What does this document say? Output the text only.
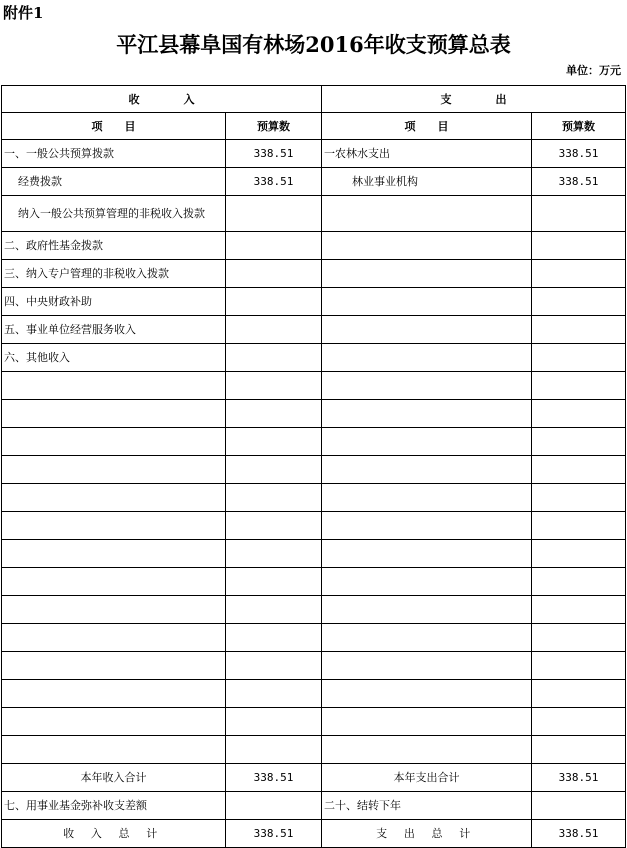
附件1
平江县幕阜国有林场2016年收支预算总表
单位：万元
收　　　　入		支　　　　出	
项　　目	预算数	项　　目	预算数
一、一般公共预算拨款	338.51	一农林水支出	338.51
经费拨款	338.51	林业事业机构	338.51
纳入一般公共预算管理的非税收入拨款			
二、政府性基金拨款			
三、纳入专户管理的非税收入拨款			
四、中央财政补助			
五、事业单位经营服务收入			
六、其他收入			

本年收入合计	338.51	本年支出合计	338.51
七、用事业基金弥补收支差额		二十、结转下年	
收 入 总 计	338.51	支 出 总 计	338.51
